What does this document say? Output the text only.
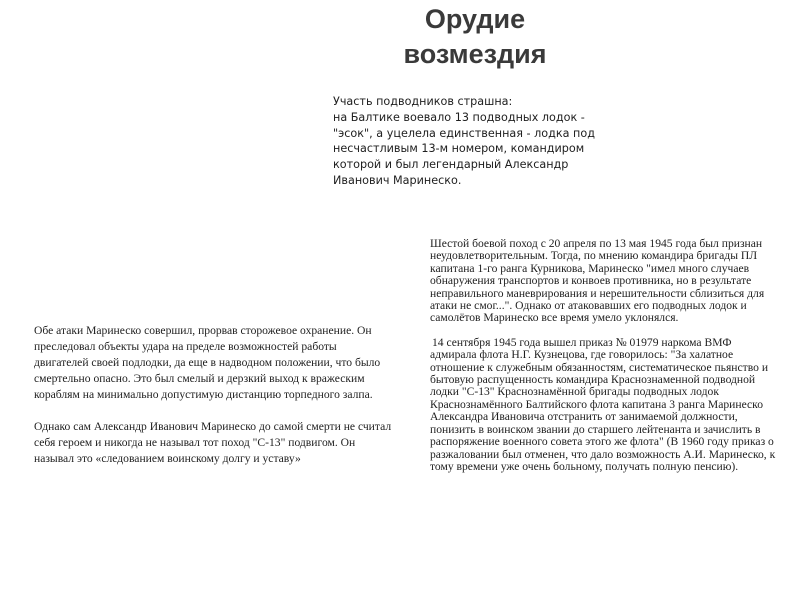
Орудие
возмездия
Участь подводников страшна:
на Балтике воевало 13 подводных лодок -
"эсок", а уцелела единственная - лодка под
несчастливым 13-м номером, командиром
которой и был легендарный Александр
Иванович Маринеско.

Шестой боевой поход с 20 апреля по 13 мая 1945 года был признан неудовлетворительным. Тогда, по мнению командира бригады ПЛ капитана 1-го ранга Курникова, Маринеско "имел много случаев обнаружения транспортов и конвоев противника, но в результате неправильного маневрирования и нерешительности сблизиться для атаки не смог...". Однако от атаковавших его подводных лодок и самолётов Маринеско все время умело уклонялся.

14 сентября 1945 года вышел приказ № 01979 наркома ВМФ адмирала флота Н.Г. Кузнецова, где говорилось: "За халатное отношение к служебным обязанностям, систематическое пьянство и бытовую распущенность командира Краснознаменной подводной лодки "С-13" Краснознамённой бригады подводных лодок Краснознамённого Балтийского флота капитана 3 ранга Маринеско Александра Ивановича отстранить от занимаемой должности, понизить в воинском звании до старшего лейтенанта и зачислить в распоряжение военного совета этого же флота" (В 1960 году приказ о разжаловании был отменен, что дало возможность А.И. Маринеско, к тому времени уже очень больному, получать полную пенсию).

Обе атаки Маринеско совершил, прорвав сторожевое охранение. Он преследовал объекты удара на пределе возможностей работы двигателей своей подлодки, да еще в надводном положении, что было смертельно опасно. Это был смелый и дерзкий выход к вражеским кораблям на минимально допустимую дистанцию торпедного залпа.

Однако сам Александр Иванович Маринеско до самой смерти не считал себя героем и никогда не называл тот поход "С-13" подвигом. Он называл это «следованием воинскому долгу и уставу»
